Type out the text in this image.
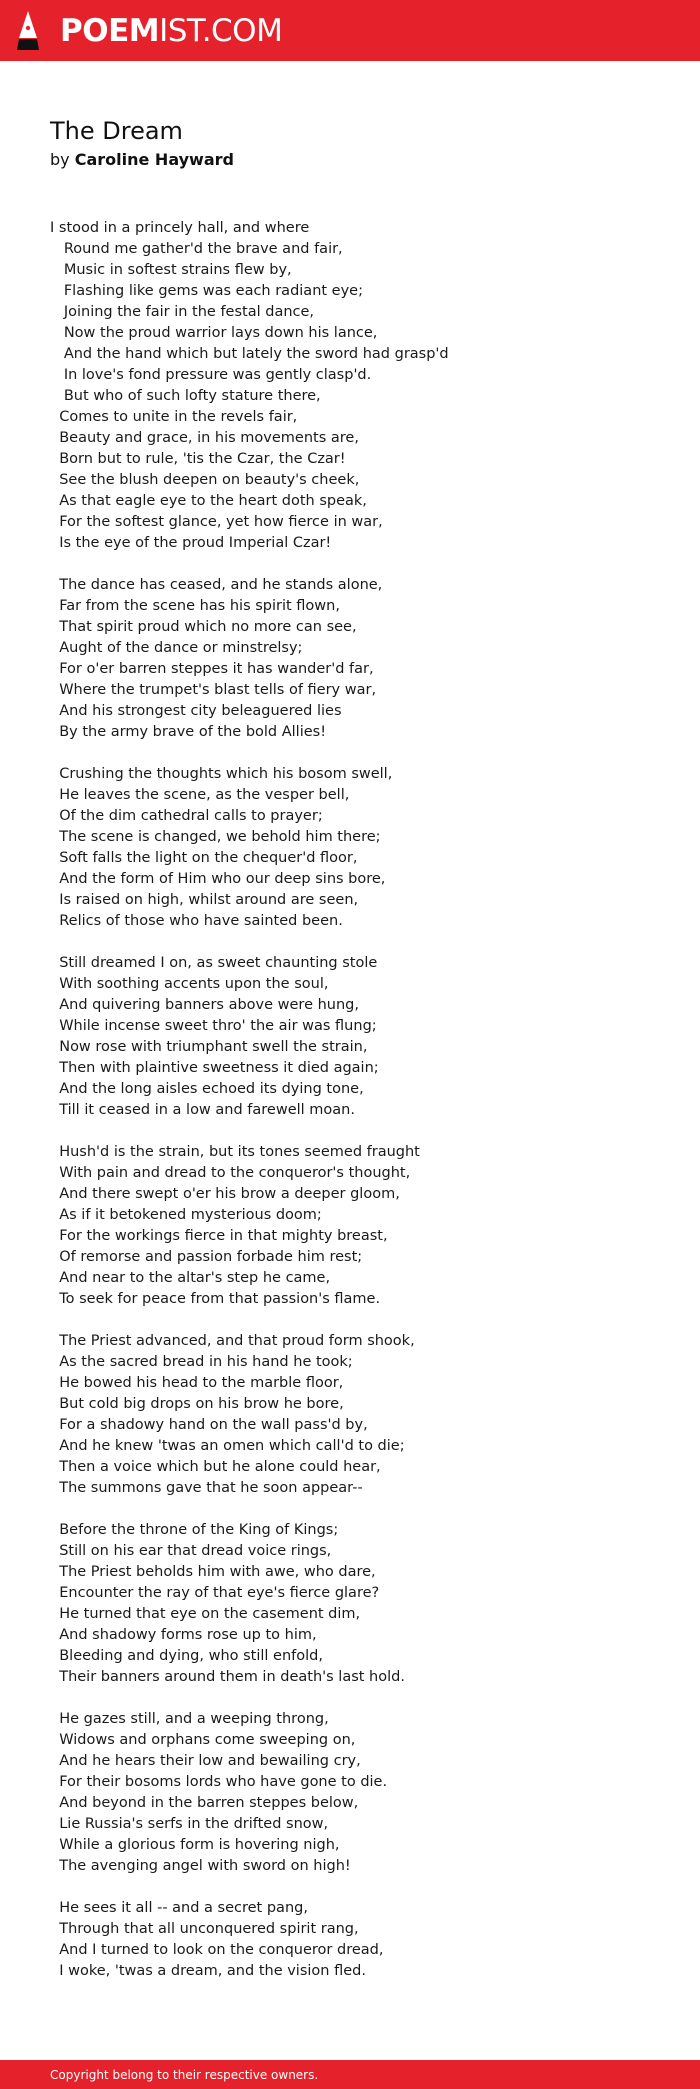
POEMIST.COM
The Dream
by Caroline Hayward
I stood in a princely hall, and where
Round me gather'd the brave and fair,
Music in softest strains flew by,
Flashing like gems was each radiant eye;
Joining the fair in the festal dance,
Now the proud warrior lays down his lance,
And the hand which but lately the sword had grasp'd
In love's fond pressure was gently clasp'd.
But who of such lofty stature there,
Comes to unite in the revels fair,
Beauty and grace, in his movements are,
Born but to rule, 'tis the Czar, the Czar!
See the blush deepen on beauty's cheek,
As that eagle eye to the heart doth speak,
For the softest glance, yet how fierce in war,
Is the eye of the proud Imperial Czar!
The dance has ceased, and he stands alone,
Far from the scene has his spirit flown,
That spirit proud which no more can see,
Aught of the dance or minstrelsy;
For o'er barren steppes it has wander'd far,
Where the trumpet's blast tells of fiery war,
And his strongest city beleaguered lies
By the army brave of the bold Allies!
Crushing the thoughts which his bosom swell,
He leaves the scene, as the vesper bell,
Of the dim cathedral calls to prayer;
The scene is changed, we behold him there;
Soft falls the light on the chequer'd floor,
And the form of Him who our deep sins bore,
Is raised on high, whilst around are seen,
Relics of those who have sainted been.
Still dreamed I on, as sweet chaunting stole
With soothing accents upon the soul,
And quivering banners above were hung,
While incense sweet thro' the air was flung;
Now rose with triumphant swell the strain,
Then with plaintive sweetness it died again;
And the long aisles echoed its dying tone,
Till it ceased in a low and farewell moan.
Hush'd is the strain, but its tones seemed fraught
With pain and dread to the conqueror's thought,
And there swept o'er his brow a deeper gloom,
As if it betokened mysterious doom;
For the workings fierce in that mighty breast,
Of remorse and passion forbade him rest;
And near to the altar's step he came,
To seek for peace from that passion's flame.
The Priest advanced, and that proud form shook,
As the sacred bread in his hand he took;
He bowed his head to the marble floor,
But cold big drops on his brow he bore,
For a shadowy hand on the wall pass'd by,
And he knew 'twas an omen which call'd to die;
Then a voice which but he alone could hear,
The summons gave that he soon appear--
Before the throne of the King of Kings;
Still on his ear that dread voice rings,
The Priest beholds him with awe, who dare,
Encounter the ray of that eye's fierce glare?
He turned that eye on the casement dim,
And shadowy forms rose up to him,
Bleeding and dying, who still enfold,
Their banners around them in death's last hold.
He gazes still, and a weeping throng,
Widows and orphans come sweeping on,
And he hears their low and bewailing cry,
For their bosoms lords who have gone to die.
And beyond in the barren steppes below,
Lie Russia's serfs in the drifted snow,
While a glorious form is hovering nigh,
The avenging angel with sword on high!
He sees it all -- and a secret pang,
Through that all unconquered spirit rang,
And I turned to look on the conqueror dread,
I woke, 'twas a dream, and the vision fled.
Copyright belong to their respective owners.
